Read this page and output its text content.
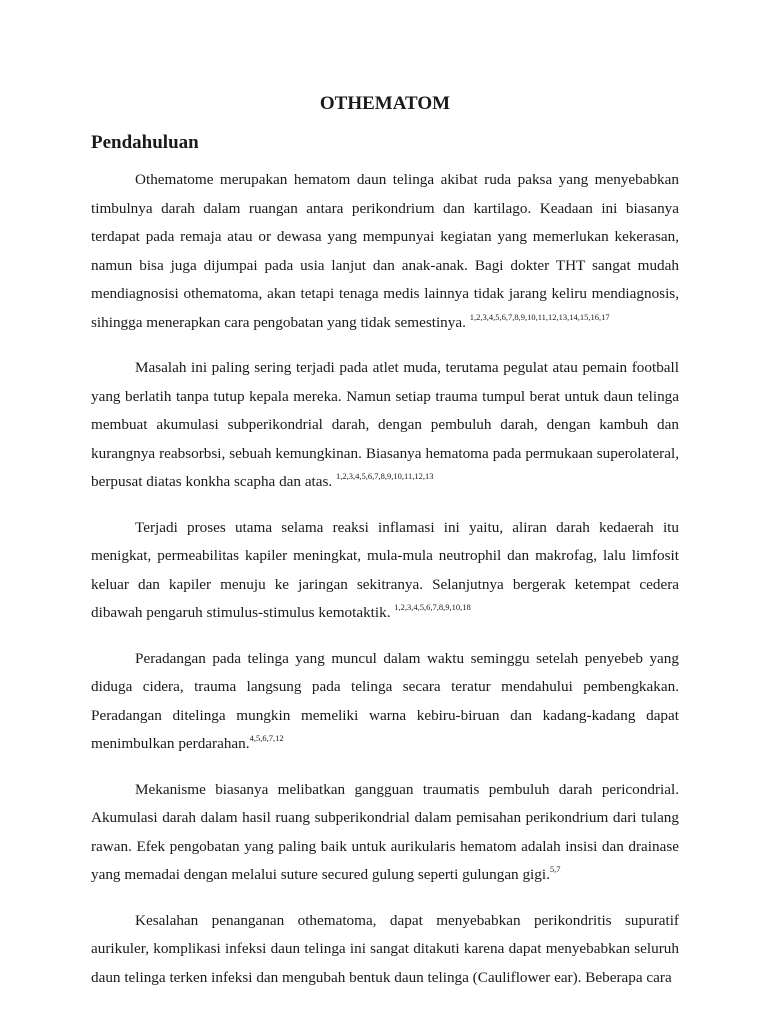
OTHEMATOM
Pendahuluan

Othematome merupakan hematom daun telinga akibat ruda paksa yang menyebabkan timbulnya darah dalam ruangan antara perikondrium dan kartilago. Keadaan ini biasanya terdapat pada remaja atau or dewasa yang mempunyai kegiatan yang memerlukan kekerasan, namun bisa juga dijumpai pada usia lanjut dan anak-anak. Bagi dokter THT sangat mudah mendiagnosisi othematoma, akan tetapi tenaga medis lainnya tidak jarang keliru mendiagnosis, sihingga menerapkan cara pengobatan yang tidak semestinya. $^{1,2,3,4,5,6,7,8,9,10,11,12,13,14,15,16,17}$

Masalah ini paling sering terjadi pada atlet muda, terutama pegulat atau pemain football yang berlatih tanpa tutup kepala mereka. Namun setiap trauma tumpul berat untuk daun telinga membuat akumulasi subperikondrial darah, dengan pembuluh darah, dengan kambuh dan kurangnya reabsorbsi, sebuah kemungkinan. Biasanya hematoma pada permukaan superolateral, berpusat diatas konkha scapha dan atas. $^{1,2,3,4,5,6,7,8,9,10,11,12,13}$

Terjadi proses utama selama reaksi inflamasi ini yaitu, aliran darah kedaerah itu menigkat, permeabilitas kapiler meningkat, mula-mula neutrophil dan makrofag, lalu limfosit keluar dan kapiler menuju ke jaringan sekitranya. Selanjutnya bergerak ketempat cedera dibawah pengaruh stimulus-stimulus kemotaktik. $^{1,2,3,4,5,6,7,8,9,10,18}$

Peradangan pada telinga yang muncul dalam waktu seminggu setelah penyebeb yang diduga cidera, trauma langsung pada telinga secara teratur mendahului pembengkakan. Peradangan ditelinga mungkin memeliki warna kebiru-biruan dan kadang-kadang dapat menimbulkan perdarahan.$^{4,5,6,7,12}$

Mekanisme biasanya melibatkan gangguan traumatis pembuluh darah pericondrial. Akumulasi darah dalam hasil ruang subperikondrial dalam pemisahan perikondrium dari tulang rawan. Efek pengobatan yang paling baik untuk aurikularis hematom adalah insisi dan drainase yang memadai dengan melalui suture secured gulung seperti gulungan gigi.$^{5,7}$

Kesalahan penanganan othematoma, dapat menyebabkan perikondritis supuratif aurikuler, komplikasi infeksi daun telinga ini sangat ditakuti karena dapat menyebabkan seluruh daun telinga terken infeksi dan mengubah bentuk daun telinga (Cauliflower ear). Beberapa cara
